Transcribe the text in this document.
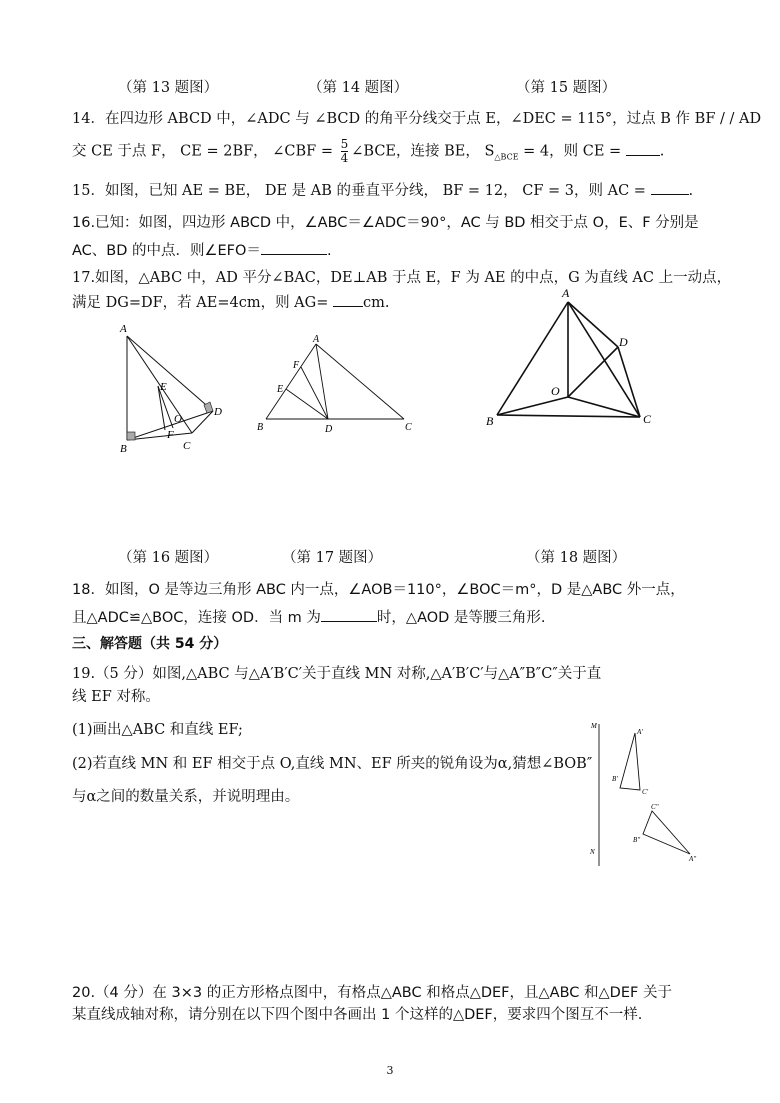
（第 13 题图）	（第 14 题图）	（第 15 题图）
14．在四边形 ABCD 中，∠ADC 与 ∠BCD 的角平分线交于点 E，∠DEC = 115°，过点 B 作 BF / / AD
交 CE 于点 F， CE = 2BF， ∠CBF = $\frac{5}{4}$ ∠BCE，连接 BE， $S_{\triangle BCE} = 4$，则 CE =	.
15．如图，已知 AE = BE， DE 是 AB 的垂直平分线， BF = 12， CF = 3，则 AC =	.
16.已知：如图，四边形 ABCD 中，∠ABC＝∠ADC＝90°，AC 与 BD 相交于点 O，E、F 分别是
AC、BD 的中点．则∠EFO＝	.
17.如图，△ABC 中，AD 平分∠BAC，DE⊥AB 于点 E，F 为 AE 的中点，G 为直线 AC 上一动点，
满足 DG=DF，若 AE=4cm，则 AG= cm.
A
E
O
D
F
B	C
A
F
E
B	D	C
A
D
O
B	C
（第 16 题图）	（第 17 题图）	（第 18 题图）
18．如图，O 是等边三角形 ABC 内一点，∠AOB＝110°，∠BOC＝m°，D 是△ABC 外一点，
且△ADC≌△BOC，连接 OD．当 m 为	时，△AOD 是等腰三角形.
三、解答题（共 54 分）
19.（5 分）如图,△ABC 与△A′B′C′关于直线 MN 对称,△A′B′C′与△A″B″C″关于直
线 EF 对称。
(1)画出△ABC 和直线 EF;
(2)若直线 MN 和 EF 相交于点 O,直线 MN、EF 所夹的锐角设为α,猜想∠BOB″
与α之间的数量关系，并说明理由。
M
N
A'
B'
C'
C"
B"
A"
20.（4 分）在 3×3 的正方形格点图中，有格点△ABC 和格点△DEF，且△ABC 和△DEF 关于
某直线成轴对称，请分别在以下四个图中各画出 1 个这样的△DEF，要求四个图互不一样.
3
